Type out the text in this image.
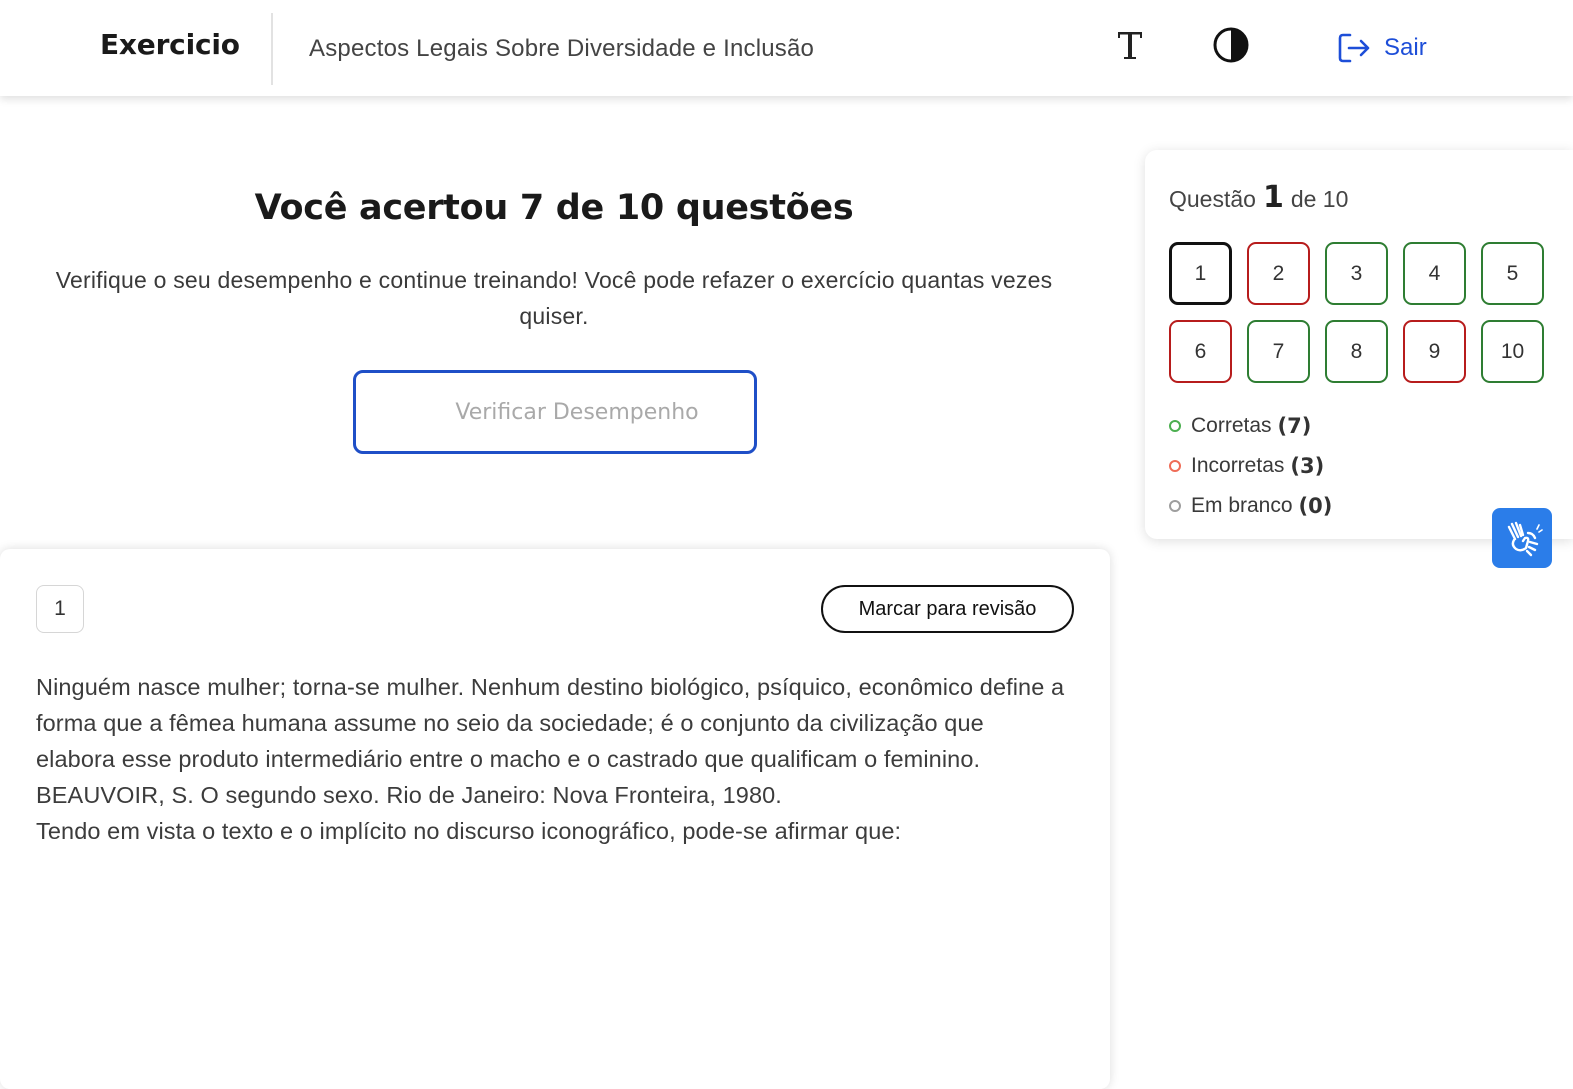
Exercicio	Aspectos Legais Sobre Diversidade e Inclusão	Sair
Você acertou 7 de 10 questões

Verifique o seu desempenho e continue treinando! Você pode refazer o exercício quantas vezes quiser.

Verificar Desempenho
Questão 1 de 10
1	2	3	4	5
6	7	8	9	10
Corretas (7)
Incorretas (3)
Em branco (0)
1	Marcar para revisão

Ninguém nasce mulher; torna-se mulher. Nenhum destino biológico, psíquico, econômico define a forma que a fêmea humana assume no seio da sociedade; é o conjunto da civilização que elabora esse produto intermediário entre o macho e o castrado que qualificam o feminino.

BEAUVOIR, S. O segundo sexo. Rio de Janeiro: Nova Fronteira, 1980.

Tendo em vista o texto e o implícito no discurso iconográfico, pode-se afirmar que:
